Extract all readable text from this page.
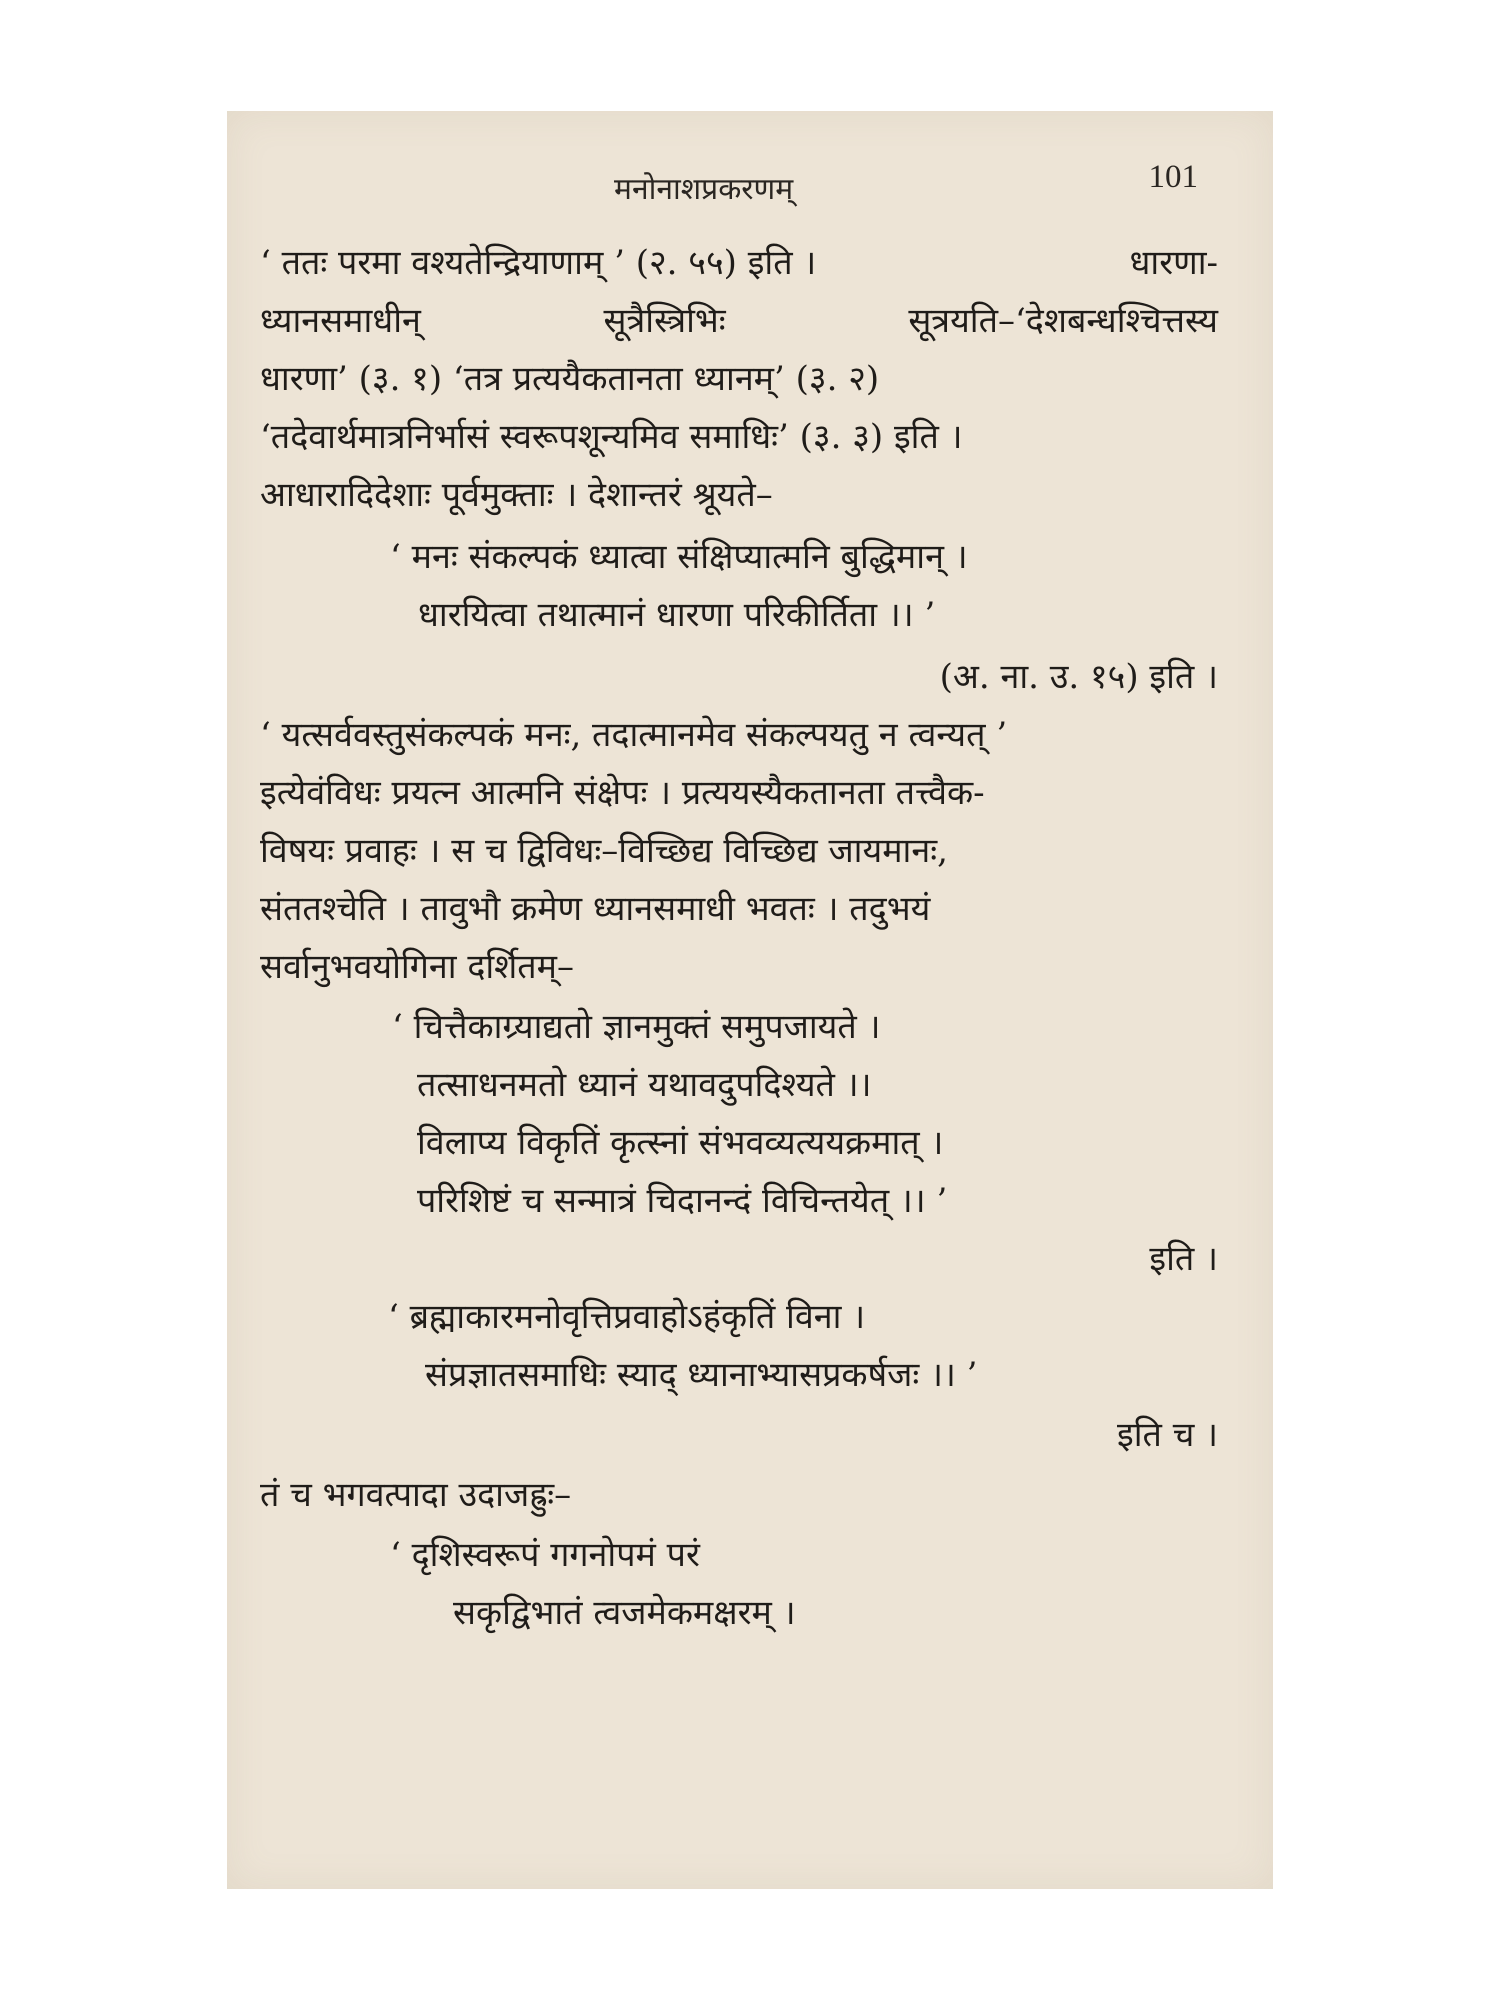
मनोनाशप्रकरणम्	101
‘ ततः परमा वश्यतेन्द्रियाणाम् ’ (२. ५५) इति ।	धारणा-
ध्यानसमाधीन्	सूत्रैस्त्रिभिः	सूत्रयति–‘देशबन्धश्चित्तस्य
धारणा’ (३. १) ‘तत्र प्रत्ययैकतानता ध्यानम्’ (३. २)
‘तदेवार्थमात्रनिर्भासं स्वरूपशून्यमिव समाधिः’ (३. ३) इति ।
आधारादिदेशाः पूर्वमुक्ताः । देशान्तरं श्रूयते–
‘ मनः संकल्पकं ध्यात्वा संक्षिप्यात्मनि बुद्धिमान् ।
धारयित्वा तथात्मानं धारणा परिकीर्तिता ।। ’
(अ. ना. उ. १५) इति ।
‘ यत्सर्ववस्तुसंकल्पकं मनः, तदात्मानमेव संकल्पयतु न त्वन्यत् ’
इत्येवंविधः प्रयत्न आत्मनि संक्षेपः । प्रत्ययस्यैकतानता तत्त्वैक-
विषयः प्रवाहः । स च द्विविधः–विच्छिद्य विच्छिद्य जायमानः,
संततश्चेति । तावुभौ क्रमेण ध्यानसमाधी भवतः । तदुभयं
सर्वानुभवयोगिना दर्शितम्–
‘ चित्तैकाग्र्याद्यतो ज्ञानमुक्तं समुपजायते ।
तत्साधनमतो ध्यानं यथावदुपदिश्यते ।।
विलाप्य विकृतिं कृत्स्नां संभवव्यत्ययक्रमात् ।
परिशिष्टं च सन्मात्रं चिदानन्दं विचिन्तयेत् ।। ’
इति ।
‘ ब्रह्माकारमनोवृत्तिप्रवाहोऽहंकृतिं विना ।
संप्रज्ञातसमाधिः स्याद् ध्यानाभ्यासप्रकर्षजः ।। ’
इति च ।
तं च भगवत्पादा उदाजह्रुः–
‘ दृशिस्वरूपं गगनोपमं परं
सकृद्विभातं त्वजमेकमक्षरम् ।
